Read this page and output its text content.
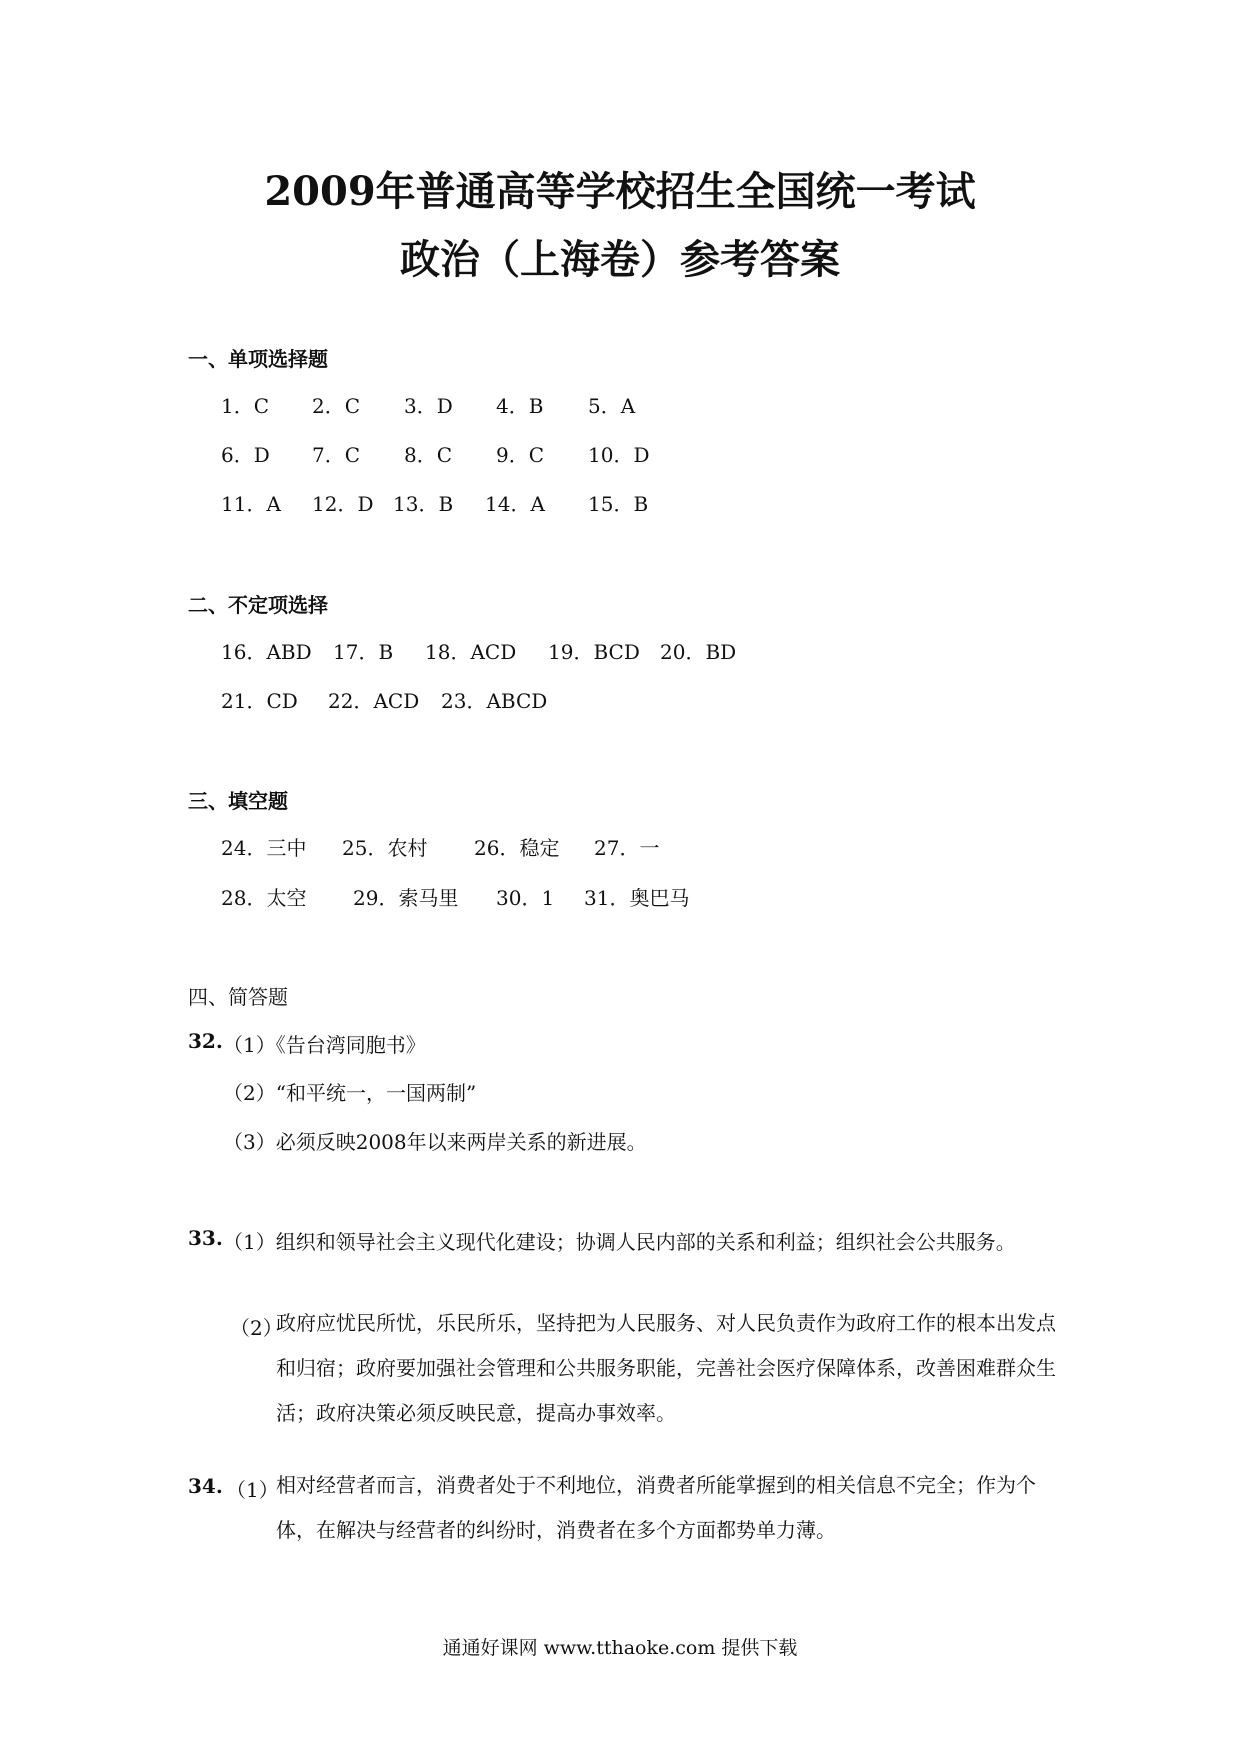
2009年普通高等学校招生全国统一考试
政治（上海卷）参考答案
一、单项选择题
1．C 2．C 3．D 4．B 5．A
6．D 7．C 8．C 9．C 10．D
11．A 12．D 13．B 14．A 15．B
二、不定项选择
16．ABD 17．B 18．ACD 19．BCD 20．BD
21．CD 22．ACD 23．ABCD
三、填空题
24．三中 25．农村 26．稳定 27．一
28．太空 29．索马里 30．1 31．奥巴马
四、简答题
32. （1）《告台湾同胞书》
（2）“和平统一，一国两制”
（3）必须反映2008年以来两岸关系的新进展。
33. （1）组织和领导社会主义现代化建设；协调人民内部的关系和利益；组织社会公共服务。
（2）
政府应忧民所忧，乐民所乐，坚持把为人民服务、对人民负责作为政府工作的根本出发点和归宿；政府要加强社会管理和公共服务职能，完善社会医疗保障体系，改善困难群众生活；政府决策必须反映民意，提高办事效率。
34. （1）
相对经营者而言，消费者处于不利地位，消费者所能掌握到的相关信息不完全；作为个体，在解决与经营者的纠纷时，消费者在多个方面都势单力薄。
通通好课网 www.tthaoke.com 提供下载
